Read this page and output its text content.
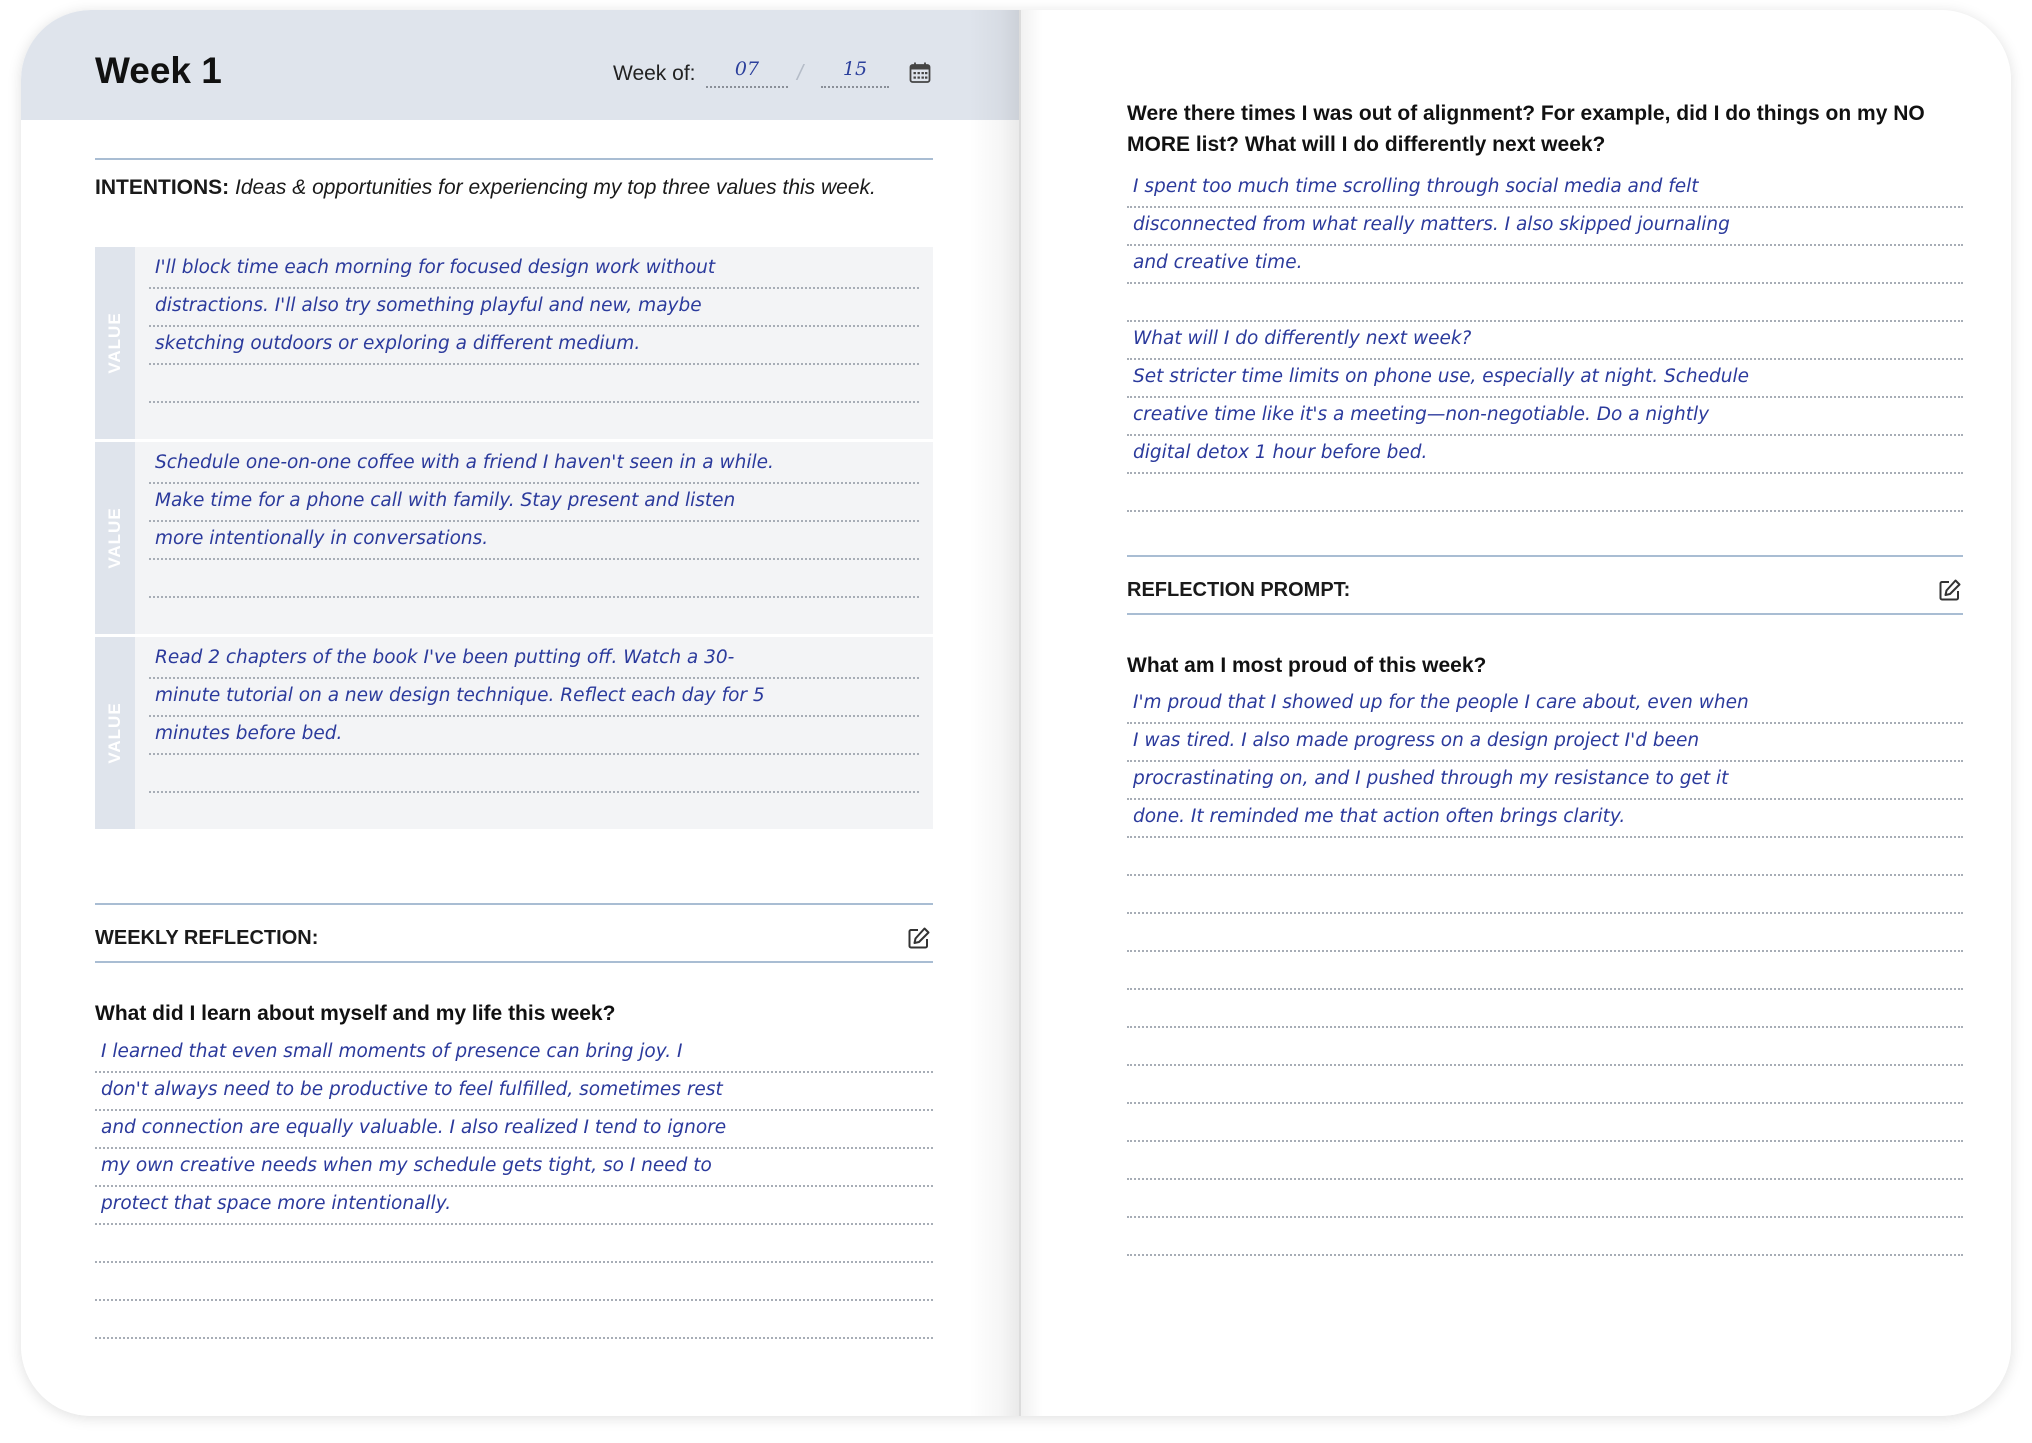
Week 1	Week of:	07	/	15
INTENTIONS: Ideas & opportunities for experiencing my top three values this week.
VALUE
I'll block time each morning for focused design work without
distractions. I'll also try something playful and new, maybe
sketching outdoors or exploring a different medium.
VALUE
Schedule one-on-one coffee with a friend I haven't seen in a while.
Make time for a phone call with family. Stay present and listen
more intentionally in conversations.
VALUE
Read 2 chapters of the book I've been putting off. Watch a 30-
minute tutorial on a new design technique. Reflect each day for 5
minutes before bed.
WEEKLY REFLECTION:
What did I learn about myself and my life this week?
I learned that even small moments of presence can bring joy. I
don't always need to be productive to feel fulfilled, sometimes rest
and connection are equally valuable. I also realized I tend to ignore
my own creative needs when my schedule gets tight, so I need to
protect that space more intentionally.
Were there times I was out of alignment? For example, did I do things on my NO
MORE list? What will I do differently next week?
I spent too much time scrolling through social media and felt
disconnected from what really matters. I also skipped journaling
and creative time.
What will I do differently next week?
Set stricter time limits on phone use, especially at night. Schedule
creative time like it's a meeting—non-negotiable. Do a nightly
digital detox 1 hour before bed.
REFLECTION PROMPT:
What am I most proud of this week?
I'm proud that I showed up for the people I care about, even when
I was tired. I also made progress on a design project I'd been
procrastinating on, and I pushed through my resistance to get it
done. It reminded me that action often brings clarity.
